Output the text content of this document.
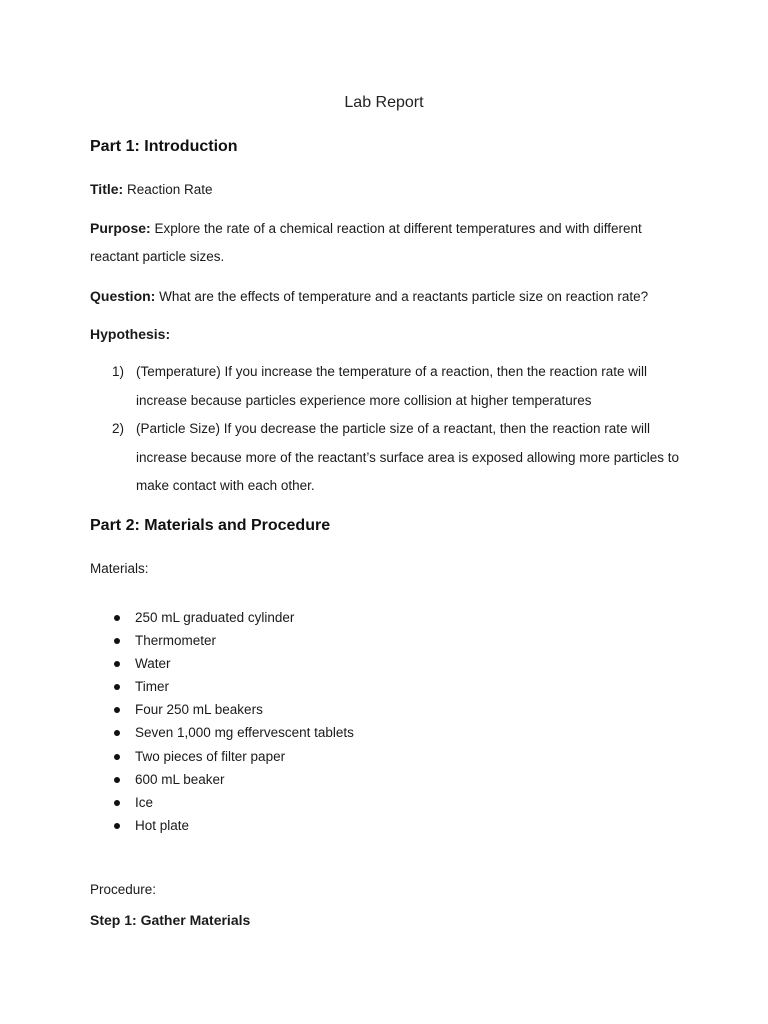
Lab Report
Part 1: Introduction
Title: Reaction Rate
Purpose: Explore the rate of a chemical reaction at different temperatures and with different reactant particle sizes.
Question: What are the effects of temperature and a reactants particle size on reaction rate?
Hypothesis:
1) (Temperature) If you increase the temperature of a reaction, then the reaction rate will increase because particles experience more collision at higher temperatures
2) (Particle Size) If you decrease the particle size of a reactant, then the reaction rate will increase because more of the reactant’s surface area is exposed allowing more particles to make contact with each other.
Part 2: Materials and Procedure
Materials:
250 mL graduated cylinder
Thermometer
Water
Timer
Four 250 mL beakers
Seven 1,000 mg effervescent tablets
Two pieces of filter paper
600 mL beaker
Ice
Hot plate
Procedure:
Step 1: Gather Materials
